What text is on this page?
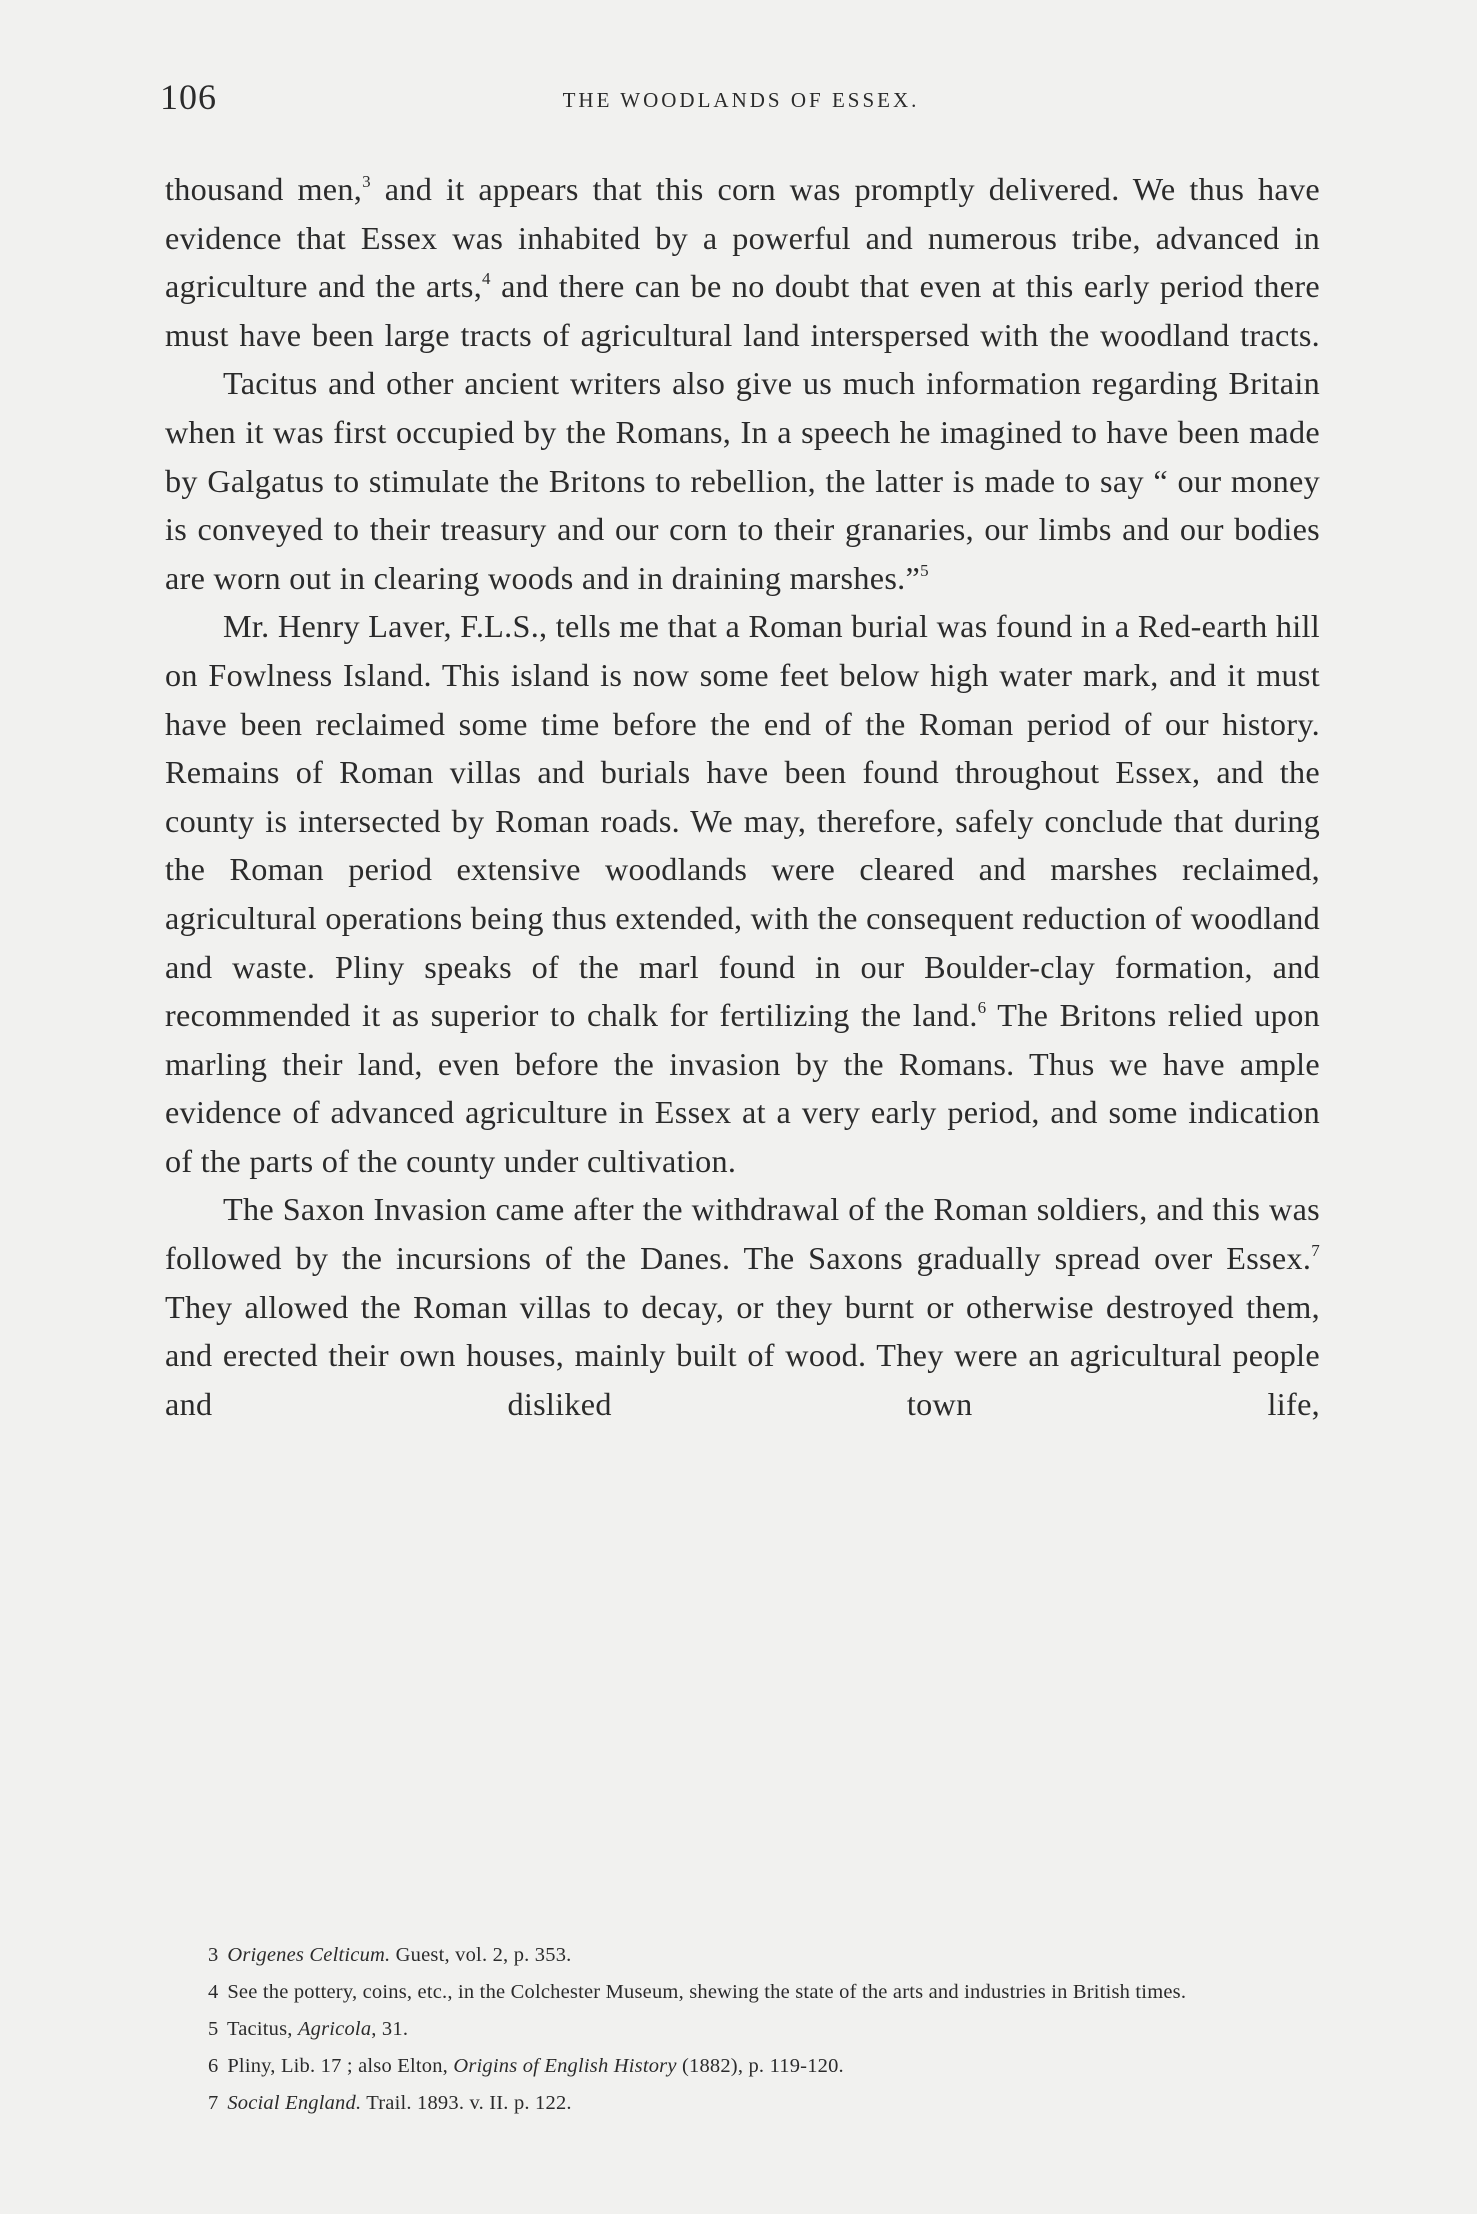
106	THE WOODLANDS OF ESSEX.

thousand men,$^3$ and it appears that this corn was promptly delivered. We thus have evidence that Essex was inhabited by a powerful and numerous tribe, advanced in agriculture and the arts,$^4$ and there can be no doubt that even at this early period there must have been large tracts of agricultural land interspersed with the woodland tracts.

Tacitus and other ancient writers also give us much information regarding Britain when it was first occupied by the Romans, In a speech he imagined to have been made by Galgatus to stimulate the Britons to rebellion, the latter is made to say “ our money is conveyed to their treasury and our corn to their granaries, our limbs and our bodies are worn out in clearing woods and in draining marshes.”$^5$

Mr. Henry Laver, F.L.S., tells me that a Roman burial was found in a Red-earth hill on Fowlness Island. This island is now some feet below high water mark, and it must have been reclaimed some time before the end of the Roman period of our history. Remains of Roman villas and burials have been found throughout Essex, and the county is intersected by Roman roads. We may, therefore, safely conclude that during the Roman period extensive woodlands were cleared and marshes reclaimed, agricultural operations being thus extended, with the consequent reduction of woodland and waste. Pliny speaks of the marl found in our Boulder-clay formation, and recommended it as superior to chalk for fertilizing the land.$^6$ The Britons relied upon marling their land, even before the invasion by the Romans. Thus we have ample evidence of advanced agriculture in Essex at a very early period, and some indication of the parts of the county under cultivation.

The Saxon Invasion came after the withdrawal of the Roman soldiers, and this was followed by the incursions of the Danes. The Saxons gradually spread over Essex.$^7$ They allowed the Roman villas to decay, or they burnt or otherwise destroyed them, and erected their own houses, mainly built of wood. They were an agricultural people and disliked town life,

3 Origenes Celticum. Guest, vol. 2, p. 353.

4 See the pottery, coins, etc., in the Colchester Museum, shewing the state of the arts and industries in British times.

5 Tacitus, Agricola, 31.

6 Pliny, Lib. 17 ; also Elton, Origins of English History (1882), p. 119-120.

7 Social England. Trail. 1893. v. II. p. 122.
